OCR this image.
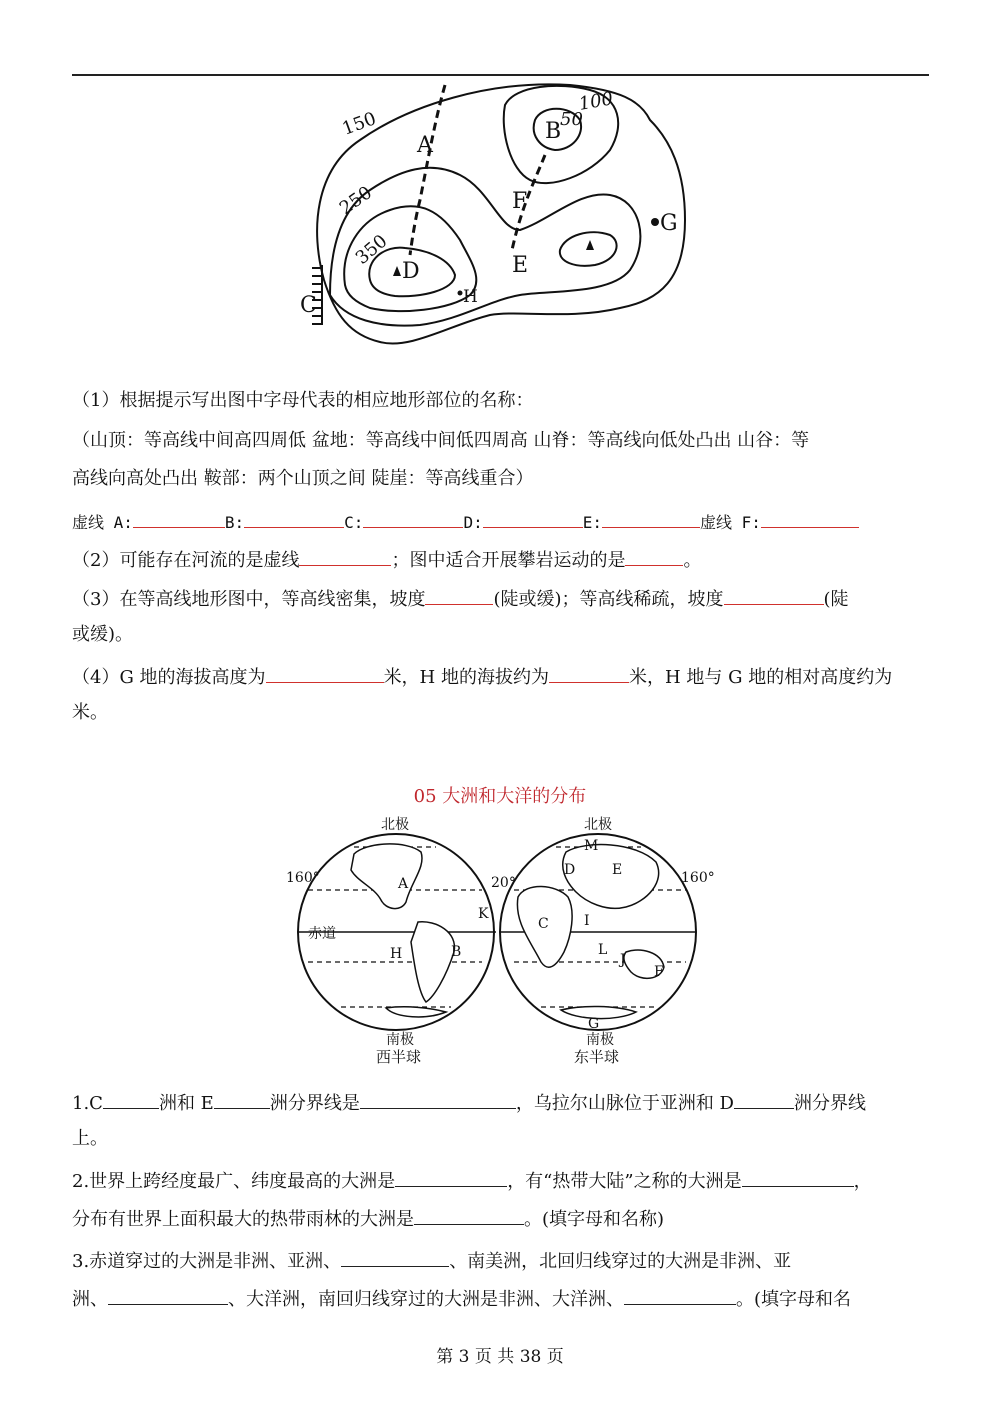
150
250
350
50
100
A
B
C
D	E
F
G
H
（1）根据提示写出图中字母代表的相应地形部位的名称：
（山顶：等高线中间高四周低 盆地：等高线中间低四周高 山脊：等高线向低处凸出 山谷：等
高线向高处凸出 鞍部：两个山顶之间 陡崖：等高线重合）
虚线 A:	B:	C:	D:	E:	虚线 F:
（2）可能存在河流的是虚线	；图中适合开展攀岩运动的是	。
（3）在等高线地形图中，等高线密集，坡度	(陡或缓)；等高线稀疏，坡度	(陡
或缓)。
（4）G 地的海拔高度为	米，H 地的海拔约为	米，H 地与 G 地的相对高度约为
米。
05 大洲和大洋的分布
北极
160°
赤道
南极
西半球
北极
20°	160°
南极
东半球
A
K
H	B
M
D	E
C	I
L
J
F
G
1.C	洲和 E	洲分界线是	，乌拉尔山脉位于亚洲和 D	洲分界线
上。
2.世界上跨经度最广、纬度最高的大洲是	，有“热带大陆”之称的大洲是	，
分布有世界上面积最大的热带雨林的大洲是	。(填字母和名称)
3.赤道穿过的大洲是非洲、亚洲、	、南美洲，北回归线穿过的大洲是非洲、亚
洲、	、大洋洲，南回归线穿过的大洲是非洲、大洋洲、	。(填字母和名
第 3 页 共 38 页
